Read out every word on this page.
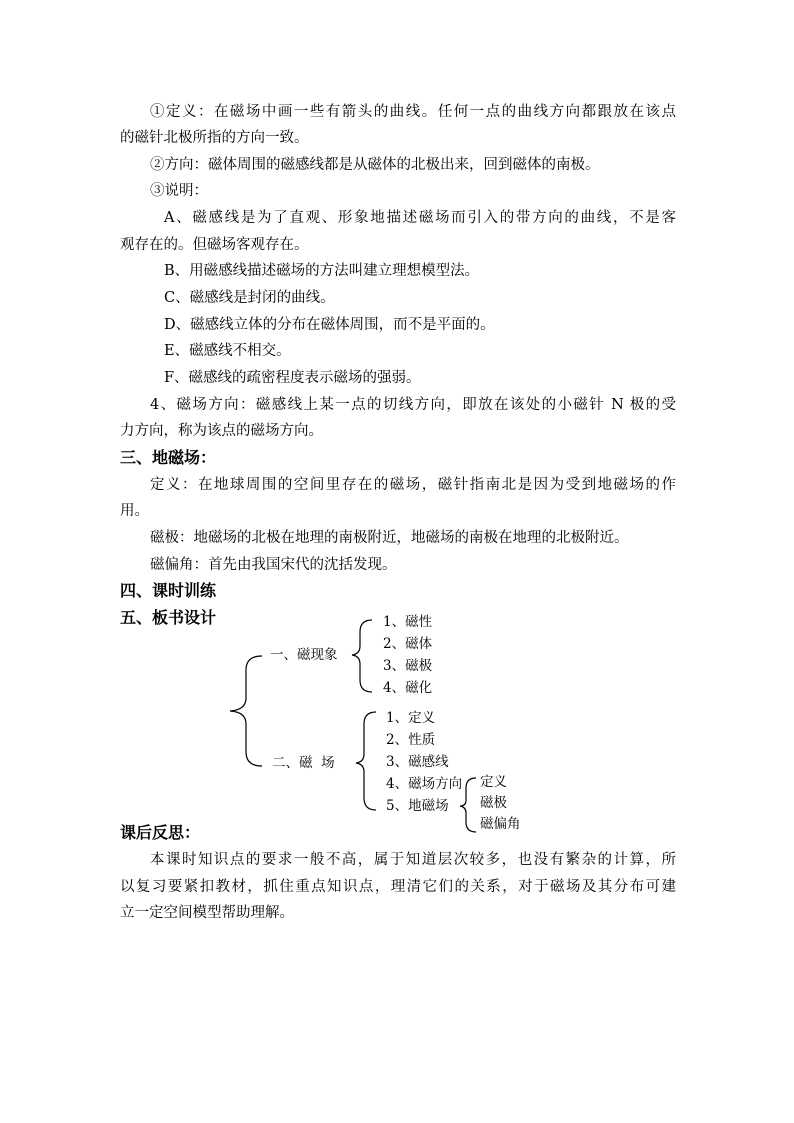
①定义：在磁场中画一些有箭头的曲线。任何一点的曲线方向都跟放在该点
的磁针北极所指的方向一致。
②方向：磁体周围的磁感线都是从磁体的北极出来，回到磁体的南极。
③说明：
A、磁感线是为了直观、形象地描述磁场而引入的带方向的曲线，不是客
观存在的。但磁场客观存在。
B、用磁感线描述磁场的方法叫建立理想模型法。
C、磁感线是封闭的曲线。
D、磁感线立体的分布在磁体周围，而不是平面的。
E、磁感线不相交。
F、磁感线的疏密程度表示磁场的强弱。
4、磁场方向：磁感线上某一点的切线方向，即放在该处的小磁针 N 极的受
力方向，称为该点的磁场方向。
三、地磁场：
定义：在地球周围的空间里存在的磁场，磁针指南北是因为受到地磁场的作
用。
磁极：地磁场的北极在地理的南极附近，地磁场的南极在地理的北极附近。
磁偏角：首先由我国宋代的沈括发现。
四、课时训练
五、板书设计
一、磁现象
1、磁性
2、磁体
3、磁极
4、磁化
二、磁  场
1、定义
2、性质
3、磁感线
4、磁场方向
5、地磁场
定义
磁极
磁偏角
课后反思：
本课时知识点的要求一般不高，属于知道层次较多，也没有繁杂的计算，所
以复习要紧扣教材，抓住重点知识点，理清它们的关系，对于磁场及其分布可建
立一定空间模型帮助理解。
